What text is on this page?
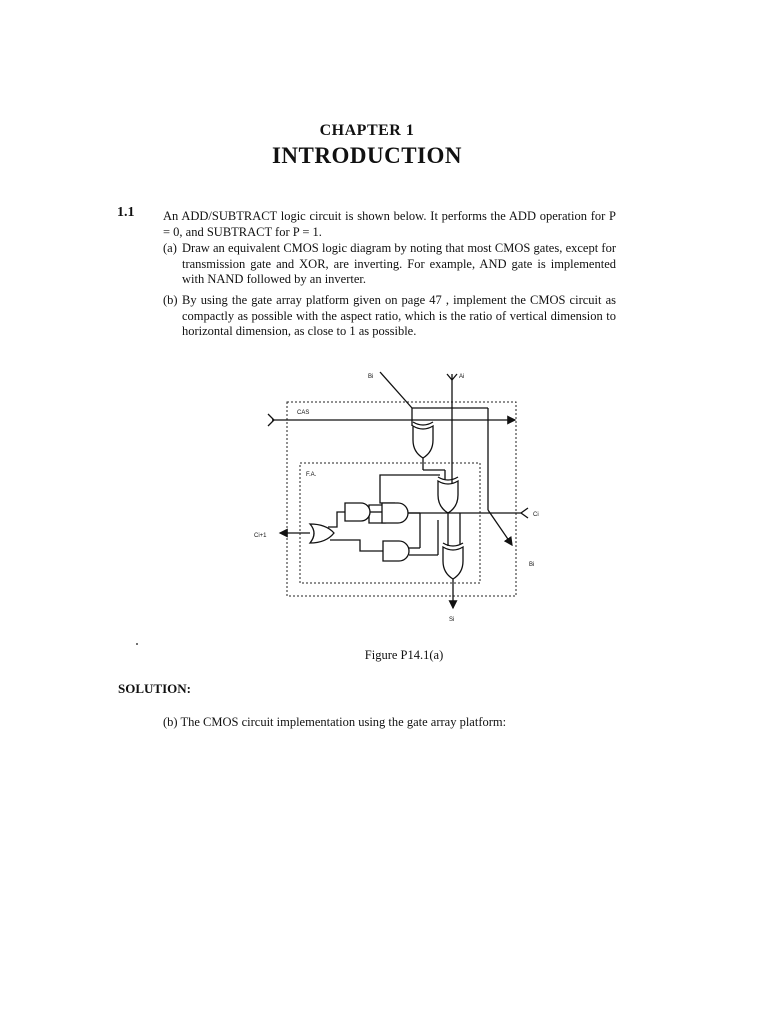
CHAPTER 1
INTRODUCTION
1.1 An ADD/SUBTRACT logic circuit is shown below. It performs the ADD operation for P = 0, and SUBTRACT for P = 1.
(a) Draw an equivalent CMOS logic diagram by noting that most CMOS gates, except for transmission gate and XOR, are inverting. For example, AND gate is implemented with NAND followed by an inverter.
(b) By using the gate array platform given on page 47 , implement the CMOS circuit as compactly as possible with the aspect ratio, which is the ratio of vertical dimension to horizontal dimension, as close to 1 as possible.
Bi	Ai
CAS
F.A.
Ci
Ci+1
Bi
Si
Figure P14.1(a)
SOLUTION:
(b) The CMOS circuit implementation using the gate array platform:
